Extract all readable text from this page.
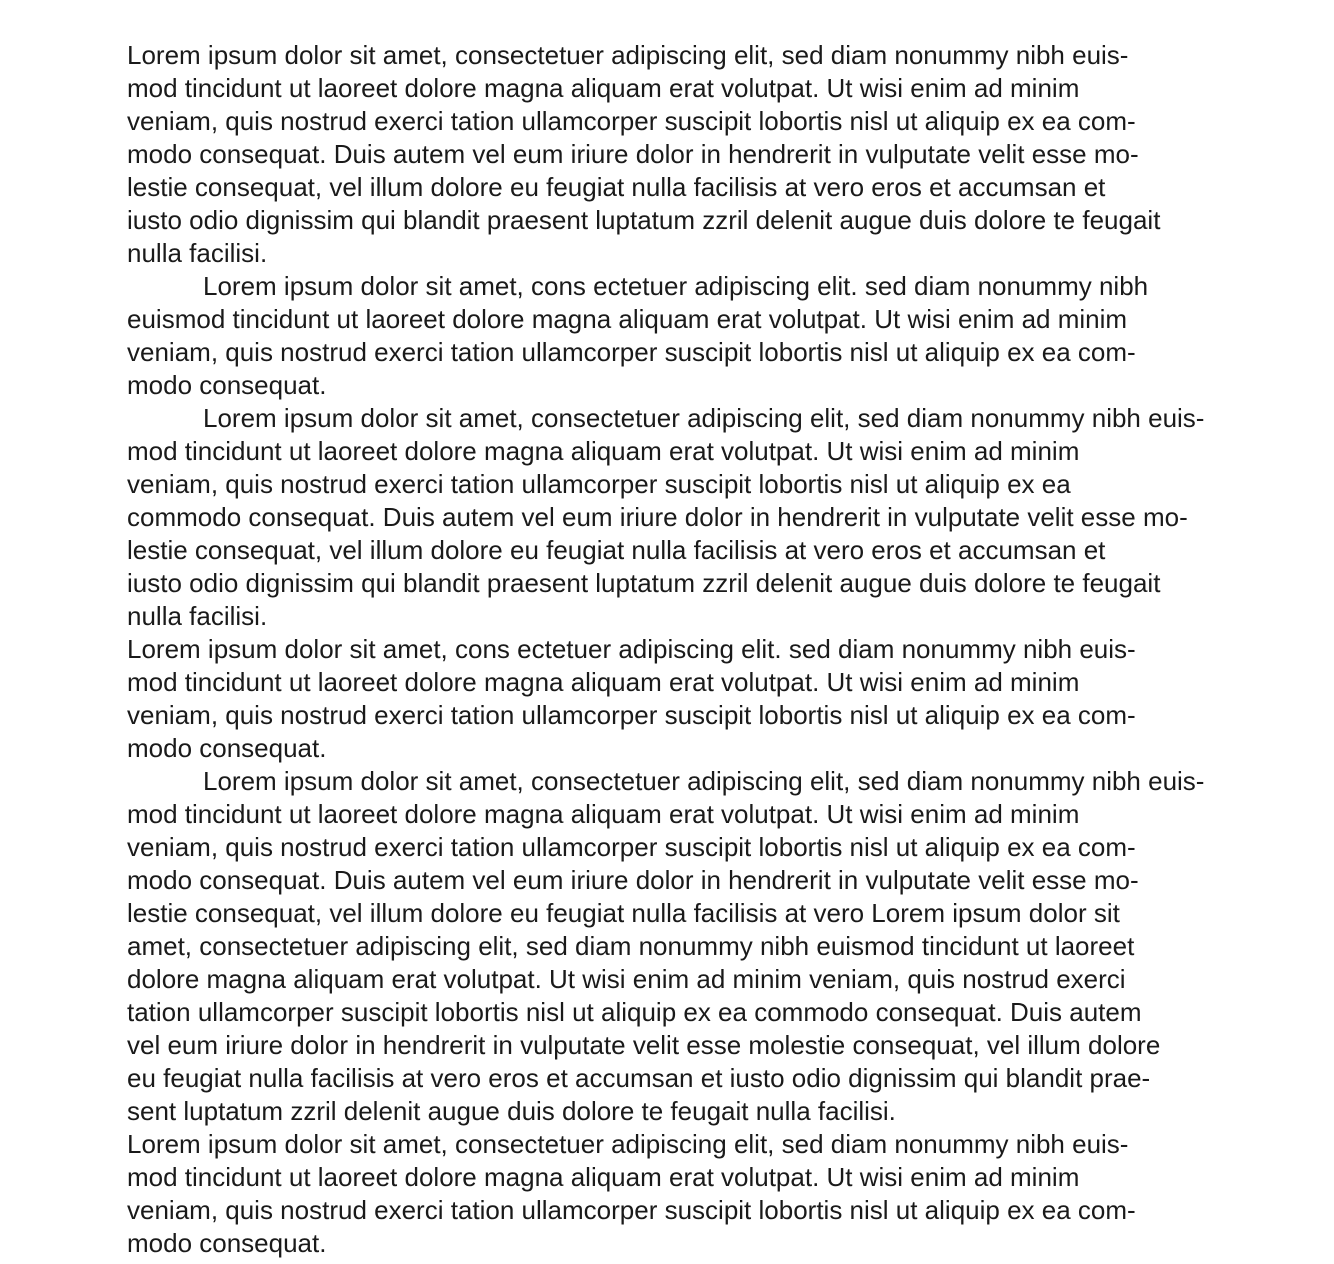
Lorem ipsum dolor sit amet, consectetuer adipiscing elit, sed diam nonummy nibh euis-
mod tincidunt ut laoreet dolore magna aliquam erat volutpat. Ut wisi enim ad minim
veniam, quis nostrud exerci tation ullamcorper suscipit lobortis nisl ut aliquip ex ea com-
modo consequat. Duis autem vel eum iriure dolor in hendrerit in vulputate velit esse mo-
lestie consequat, vel illum dolore eu feugiat nulla facilisis at vero eros et accumsan et
iusto odio dignissim qui blandit praesent luptatum zzril delenit augue duis dolore te feugait
nulla facilisi.
Lorem ipsum dolor sit amet, cons ectetuer adipiscing elit. sed diam nonummy nibh
euismod tincidunt ut laoreet dolore magna aliquam erat volutpat. Ut wisi enim ad minim
veniam, quis nostrud exerci tation ullamcorper suscipit lobortis nisl ut aliquip ex ea com-
modo consequat.
Lorem ipsum dolor sit amet, consectetuer adipiscing elit, sed diam nonummy nibh euis-
mod tincidunt ut laoreet dolore magna aliquam erat volutpat. Ut wisi enim ad minim
veniam, quis nostrud exerci tation ullamcorper suscipit lobortis nisl ut aliquip ex ea
commodo consequat. Duis autem vel eum iriure dolor in hendrerit in vulputate velit esse mo-
lestie consequat, vel illum dolore eu feugiat nulla facilisis at vero eros et accumsan et
iusto odio dignissim qui blandit praesent luptatum zzril delenit augue duis dolore te feugait
nulla facilisi.
Lorem ipsum dolor sit amet, cons ectetuer adipiscing elit. sed diam nonummy nibh euis-
mod tincidunt ut laoreet dolore magna aliquam erat volutpat. Ut wisi enim ad minim
veniam, quis nostrud exerci tation ullamcorper suscipit lobortis nisl ut aliquip ex ea com-
modo consequat.
Lorem ipsum dolor sit amet, consectetuer adipiscing elit, sed diam nonummy nibh euis-
mod tincidunt ut laoreet dolore magna aliquam erat volutpat. Ut wisi enim ad minim
veniam, quis nostrud exerci tation ullamcorper suscipit lobortis nisl ut aliquip ex ea com-
modo consequat. Duis autem vel eum iriure dolor in hendrerit in vulputate velit esse mo-
lestie consequat, vel illum dolore eu feugiat nulla facilisis at vero Lorem ipsum dolor sit
amet, consectetuer adipiscing elit, sed diam nonummy nibh euismod tincidunt ut laoreet
dolore magna aliquam erat volutpat. Ut wisi enim ad minim veniam, quis nostrud exerci
tation ullamcorper suscipit lobortis nisl ut aliquip ex ea commodo consequat. Duis autem
vel eum iriure dolor in hendrerit in vulputate velit esse molestie consequat, vel illum dolore
eu feugiat nulla facilisis at vero eros et accumsan et iusto odio dignissim qui blandit prae-
sent luptatum zzril delenit augue duis dolore te feugait nulla facilisi.
Lorem ipsum dolor sit amet, consectetuer adipiscing elit, sed diam nonummy nibh euis-
mod tincidunt ut laoreet dolore magna aliquam erat volutpat. Ut wisi enim ad minim
veniam, quis nostrud exerci tation ullamcorper suscipit lobortis nisl ut aliquip ex ea com-
modo consequat.
